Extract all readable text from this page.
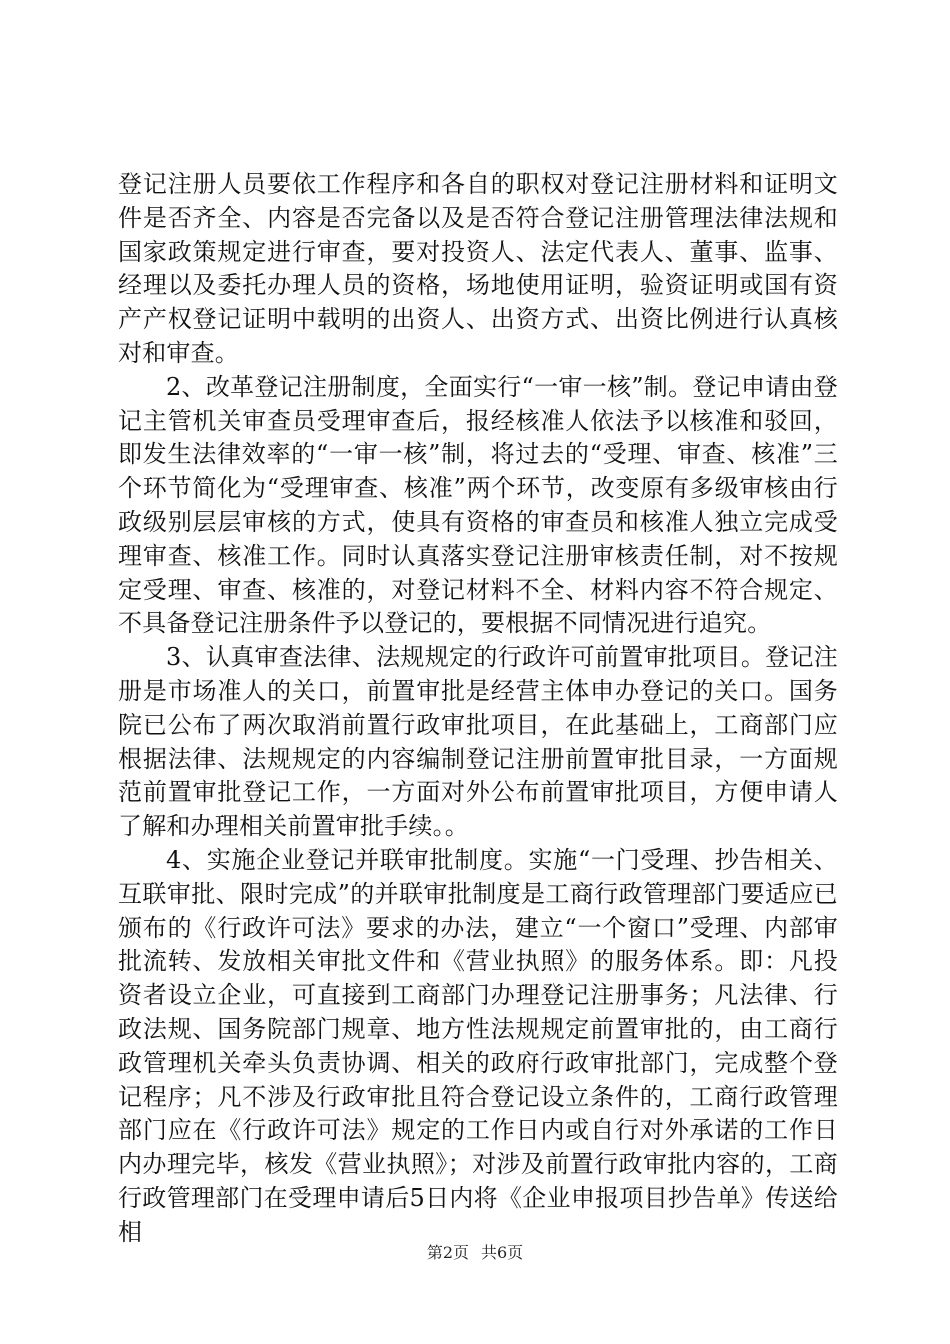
登记注册人员要依工作程序和各自的职权对登记注册材料和证明文件是否齐全、内容是否完备以及是否符合登记注册管理法律法规和国家政策规定进行审查，要对投资人、法定代表人、董事、监事、经理以及委托办理人员的资格，场地使用证明，验资证明或国有资产产权登记证明中载明的出资人、出资方式、出资比例进行认真核对和审查。

2、改革登记注册制度，全面实行“一审一核”制。登记申请由登记主管机关审查员受理审查后，报经核准人依法予以核准和驳回，即发生法律效率的“一审一核”制，将过去的“受理、审查、核准”三个环节简化为“受理审查、核准”两个环节，改变原有多级审核由行政级别层层审核的方式，使具有资格的审查员和核准人独立完成受理审查、核准工作。同时认真落实登记注册审核责任制，对不按规定受理、审查、核准的，对登记材料不全、材料内容不符合规定、不具备登记注册条件予以登记的，要根据不同情况进行追究。

3、认真审查法律、法规规定的行政许可前置审批项目。登记注册是市场准人的关口，前置审批是经营主体申办登记的关口。国务院已公布了两次取消前置行政审批项目，在此基础上，工商部门应根据法律、法规规定的内容编制登记注册前置审批目录，一方面规范前置审批登记工作，一方面对外公布前置审批项目，方便申请人了解和办理相关前置审批手续。。

4、实施企业登记并联审批制度。实施“一门受理、抄告相关、互联审批、限时完成”的并联审批制度是工商行政管理部门要适应已颁布的《行政许可法》要求的办法，建立“一个窗口”受理、内部审批流转、发放相关审批文件和《营业执照》的服务体系。即：凡投资者设立企业，可直接到工商部门办理登记注册事务；凡法律、行政法规、国务院部门规章、地方性法规规定前置审批的，由工商行政管理机关牵头负责协调、相关的政府行政审批部门，完成整个登记程序；凡不涉及行政审批且符合登记设立条件的，工商行政管理部门应在《行政许可法》规定的工作日内或自行对外承诺的工作日内办理完毕，核发《营业执照》；对涉及前置行政审批内容的，工商行政管理部门在受理申请后5日内将《企业申报项目抄告单》传送给相

第2页 共6页
